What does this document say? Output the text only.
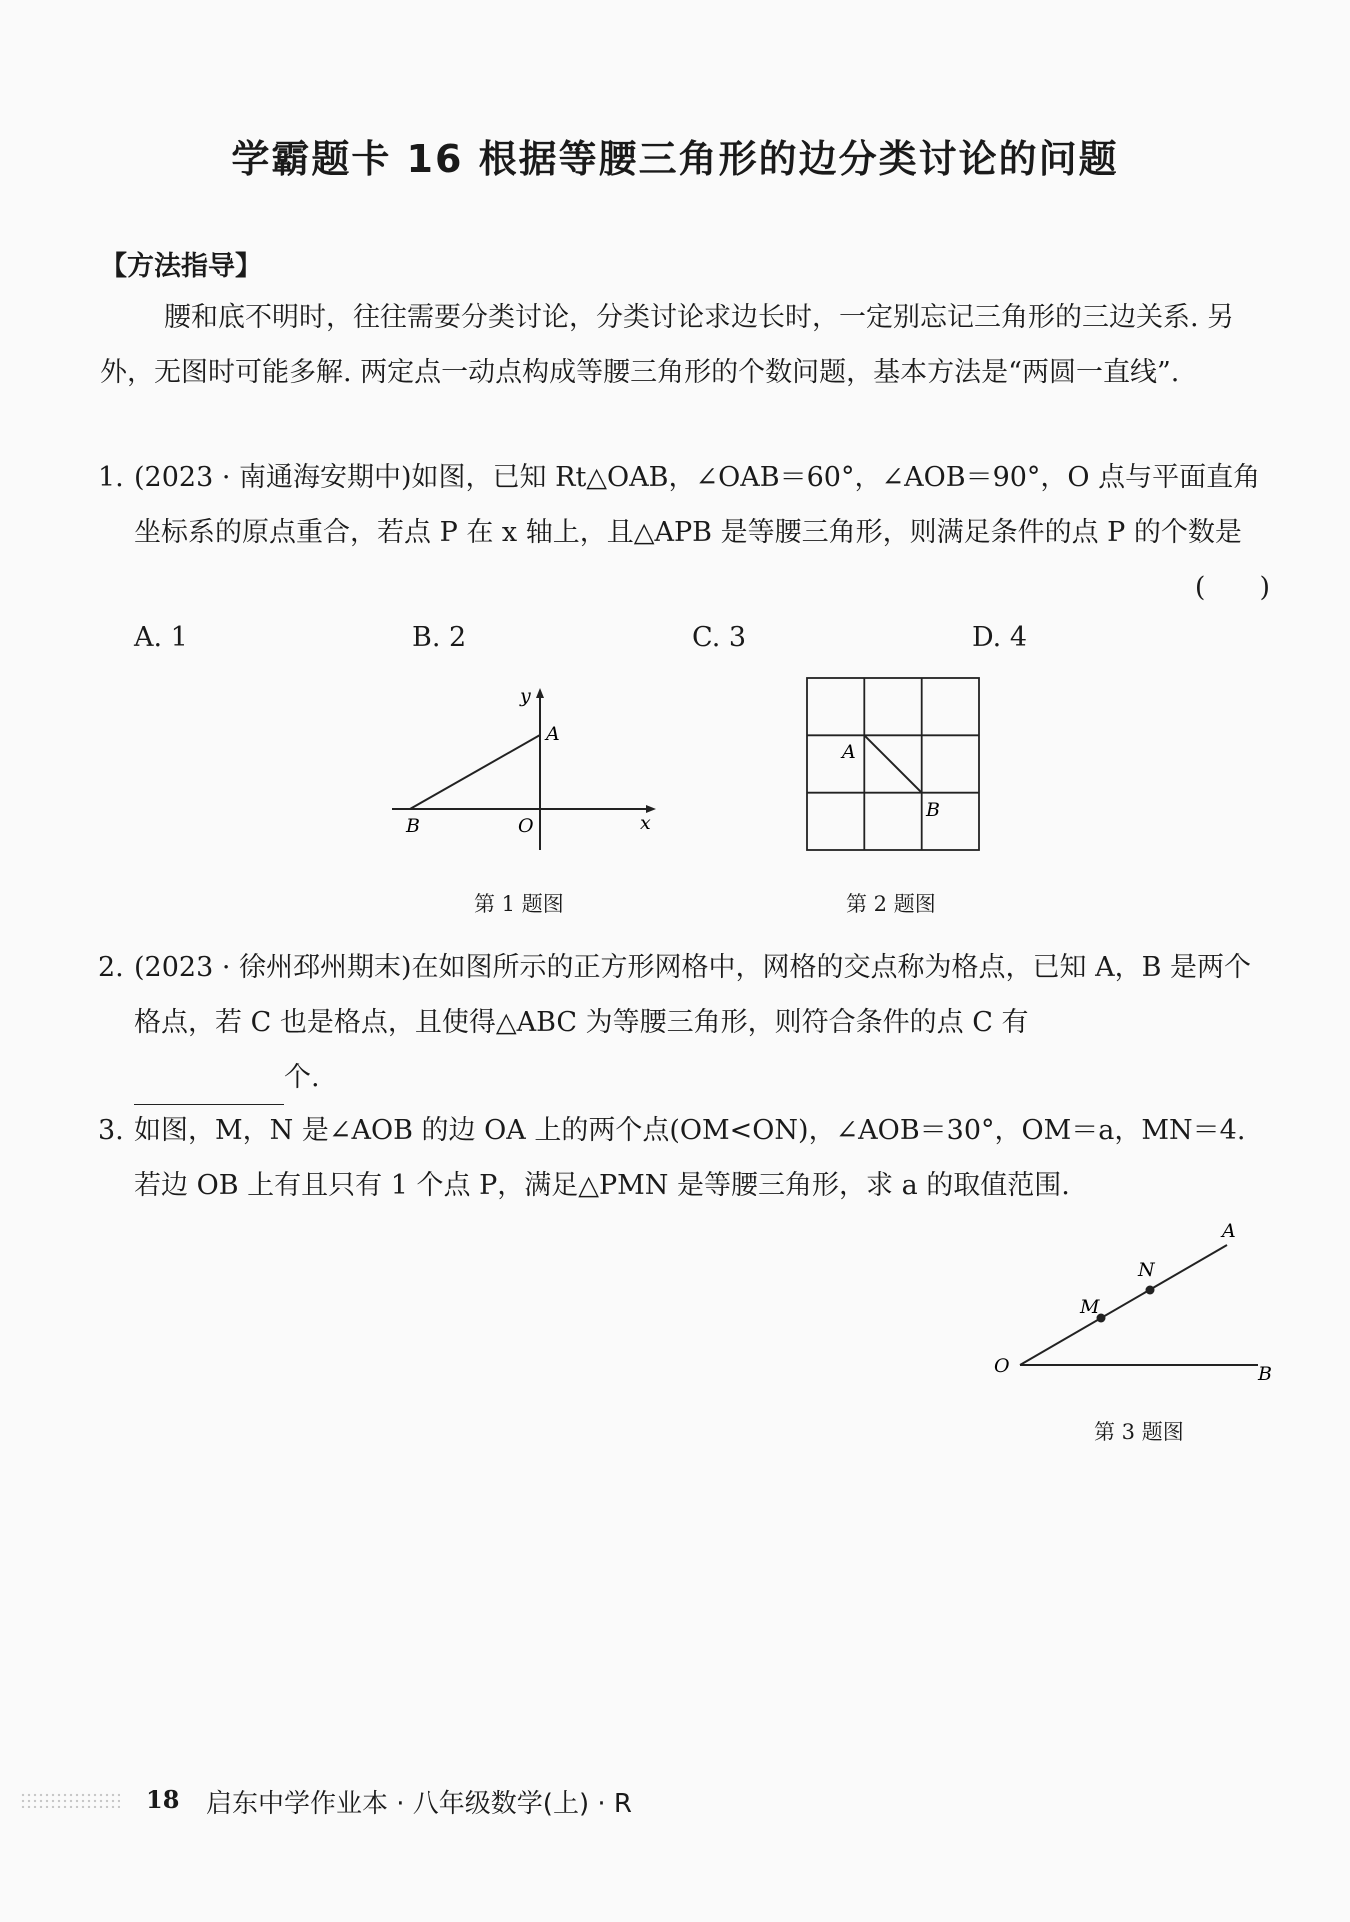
学霸题卡 16 根据等腰三角形的边分类讨论的问题
【方法指导】
腰和底不明时，往往需要分类讨论，分类讨论求边长时，一定别忘记三角形的三边关系. 另外，无图时可能多解. 两定点一动点构成等腰三角形的个数问题，基本方法是“两圆一直线”.
1. (2023 · 南通海安期中)如图，已知 Rt△OAB，∠OAB＝60°，∠AOB＝90°，O 点与平面直角坐标系的原点重合，若点 P 在 x 轴上，且△APB 是等腰三角形，则满足条件的点 P 的个数是
(　　)
A. 1	B. 2	C. 3	D. 4
y
A
B	O	x
第 1 题图
A
B
第 2 题图
2. (2023 · 徐州邳州期末)在如图所示的正方形网格中，网格的交点称为格点，已知 A，B 是两个格点，若 C 也是格点，且使得△ABC 为等腰三角形，则符合条件的点 C 有
个.
3. 如图，M，N 是∠AOB 的边 OA 上的两个点(OM<ON)，∠AOB＝30°，OM＝a，MN＝4. 若边 OB 上有且只有 1 个点 P，满足△PMN 是等腰三角形，求 a 的取值范围.
A
N
M
O	B
第 3 题图
18 启东中学作业本 · 八年级数学(上) · R
